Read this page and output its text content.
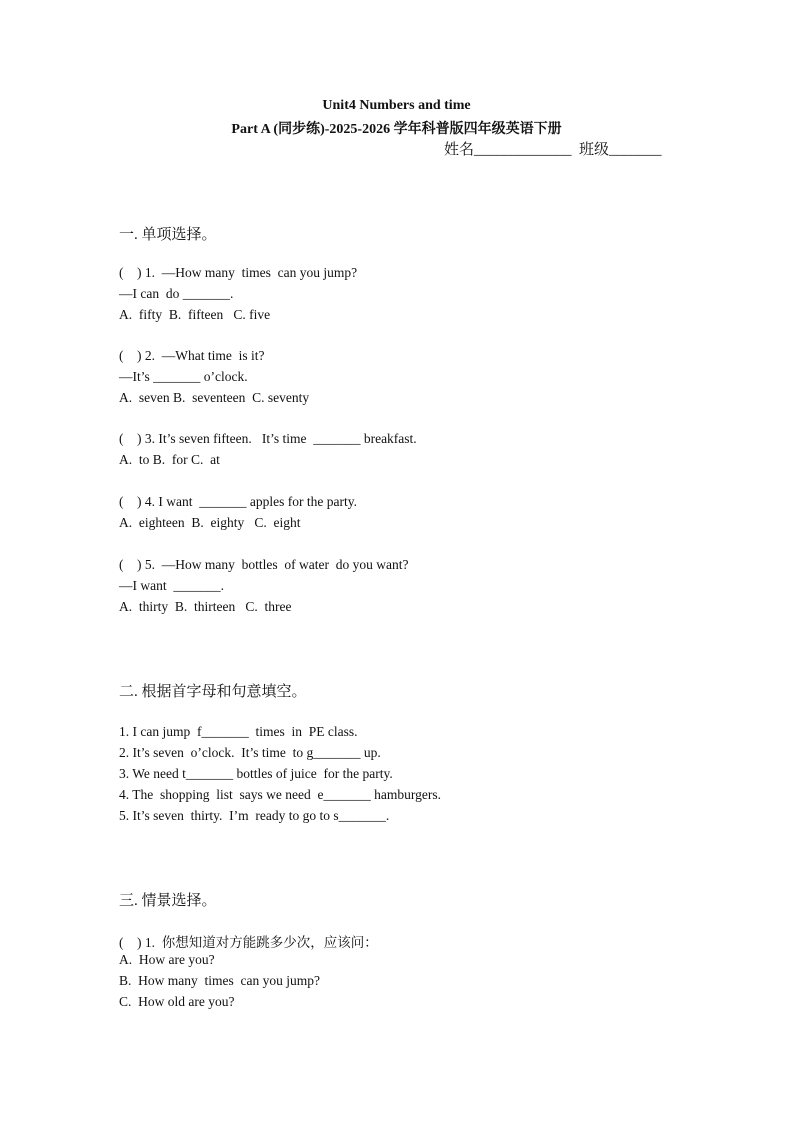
Unit4 Numbers and time
Part A (同步练)-2025-2026 学年科普版四年级英语下册
姓名_____________  班级_______
一. 单项选择。
(    ) 1.  —How many  times  can you jump?
—I can  do _______.
A.  fifty  B.  fifteen   C. five
(    ) 2.  —What time  is it?
—It’s _______ o’clock.
A.  seven B.  seventeen  C. seventy
(    ) 3. It’s seven fifteen.   It’s time  _______ breakfast.
A.  to B.  for C.  at
(    ) 4. I want  _______ apples for the party.
A.  eighteen  B.  eighty   C.  eight
(    ) 5.  —How many  bottles  of water  do you want?
—I want  _______.
A.  thirty  B.  thirteen   C.  three
二. 根据首字母和句意填空。
1. I can jump  f_______  times  in  PE class.
2. It’s seven  o’clock.  It’s time  to g_______ up.
3. We need t_______ bottles of juice  for the party.
4. The  shopping  list  says we need  e_______ hamburgers.
5. It’s seven  thirty.  I’m  ready to go to s_______.
三. 情景选择。
(    ) 1.  你想知道对方能跳多少次，应该问：
A.  How are you?
B.  How many  times  can you jump?
C.  How old are you?
